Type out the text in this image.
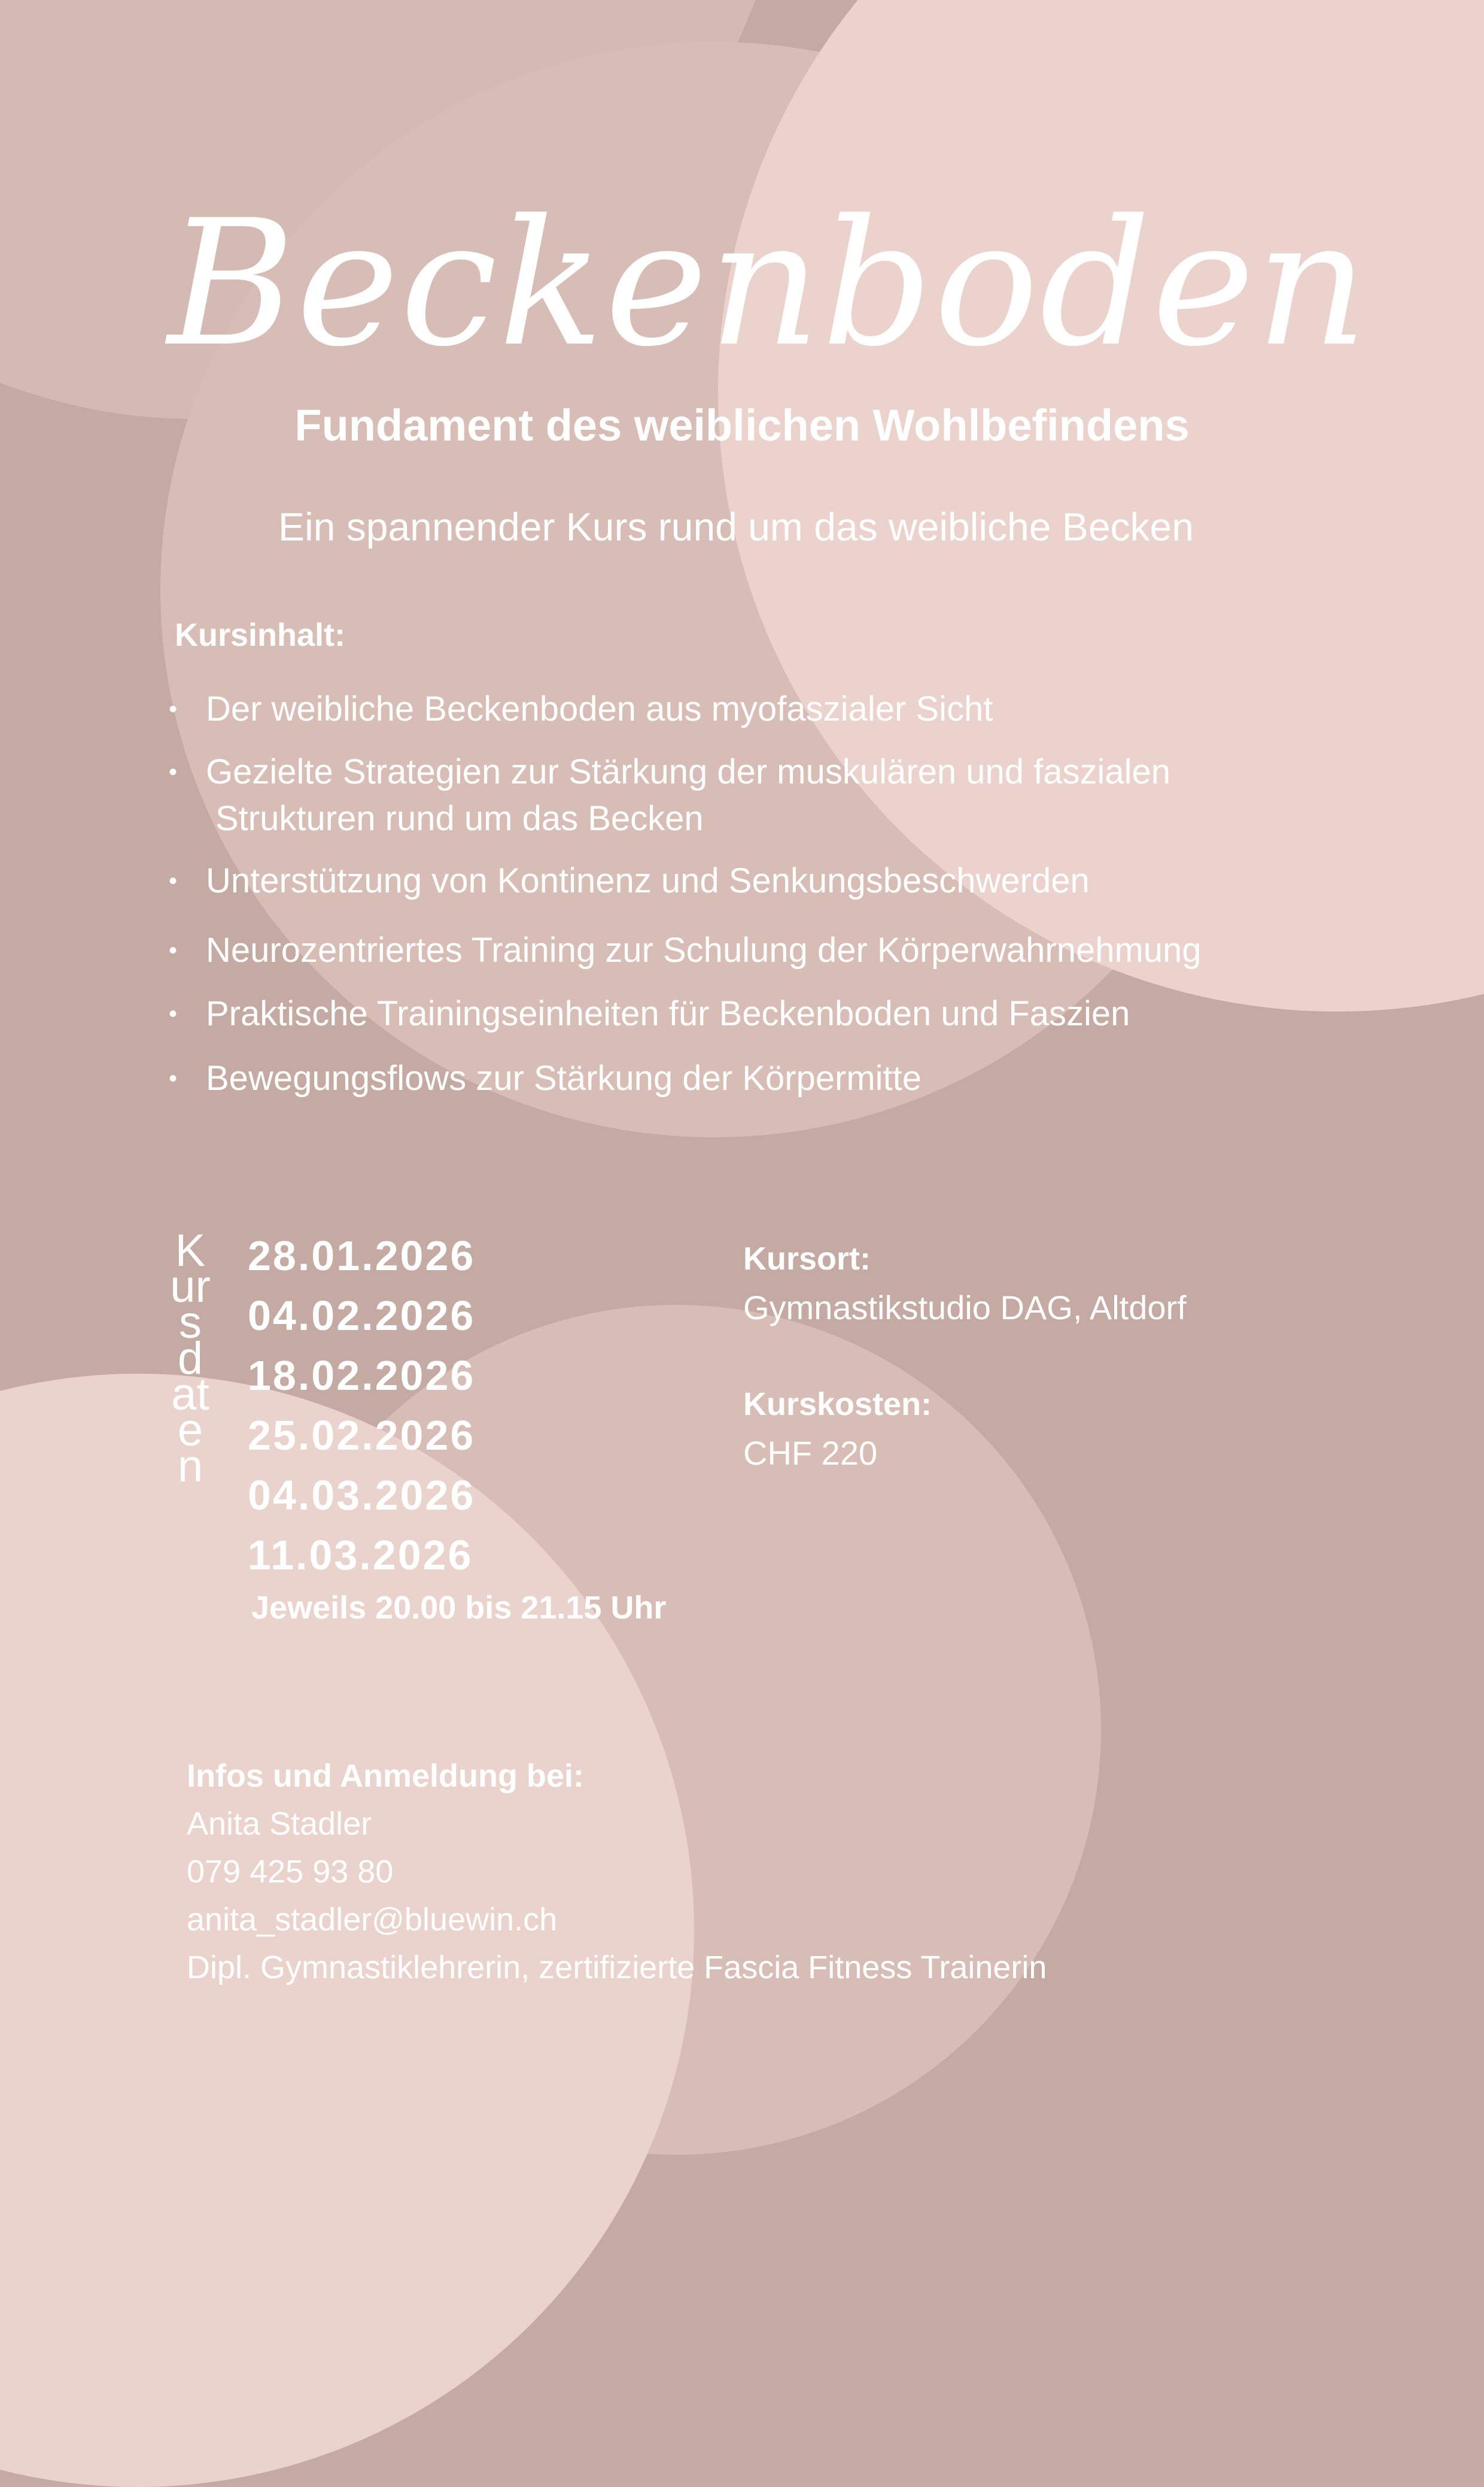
Beckenboden
Fundament des weiblichen Wohlbefindens
Ein spannender Kurs rund um das weibliche Becken
Kursinhalt:
• Der weibliche Beckenboden aus myofaszialer Sicht
• Gezielte Strategien zur Stärkung der muskulären und faszialen
Strukturen rund um das Becken
• Unterstützung von Kontinenz und Senkungsbeschwerden
• Neurozentriertes Training zur Schulung der Körperwahrnehmung
• Praktische Trainingseinheiten für Beckenboden und Faszien
• Bewegungsflows zur Stärkung der Körpermitte
Kursdaten
28.01.2026
04.02.2026
18.02.2026
25.02.2026
04.03.2026
11.03.2026
Jeweils 20.00 bis 21.15 Uhr
Kursort:
Gymnastikstudio DAG, Altdorf
Kurskosten:
CHF 220
Infos und Anmeldung bei:
Anita Stadler
079 425 93 80
anita_stadler@bluewin.ch
Dipl. Gymnastiklehrerin, zertifizierte Fascia Fitness Trainerin
